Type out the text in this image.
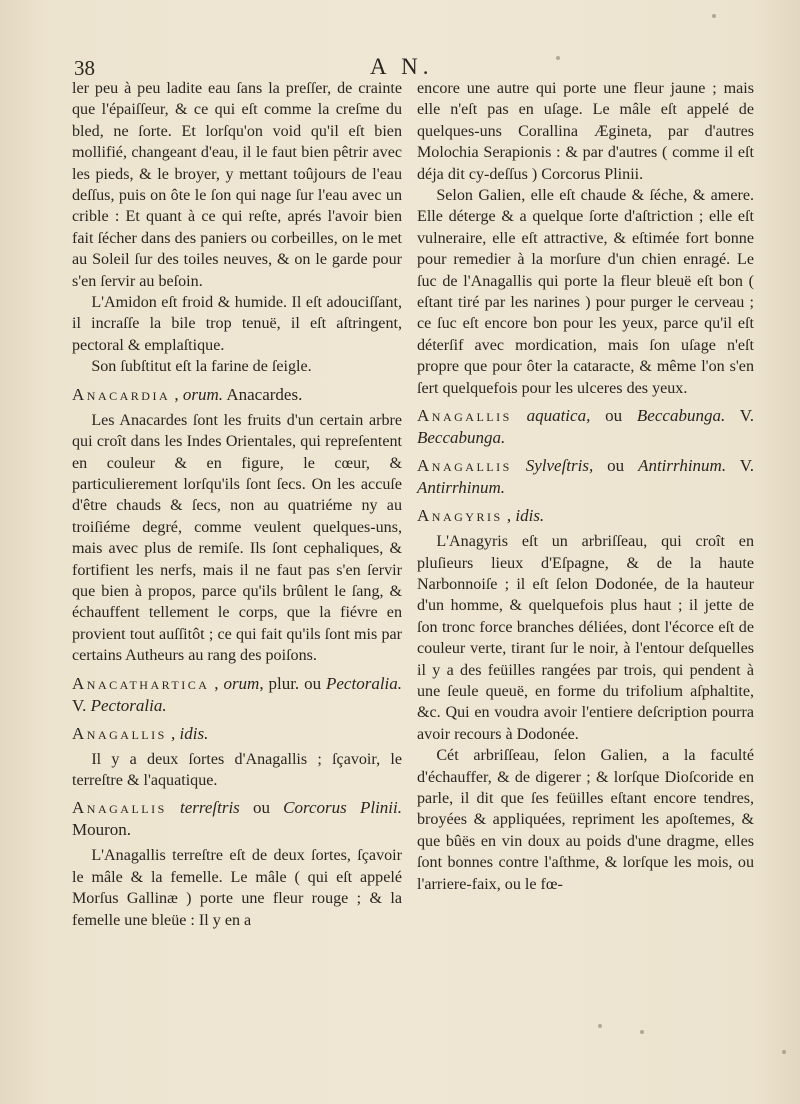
38	A N.

ler peu à peu ladite eau ſans la preſſer, de crainte que l'épaiſſeur, & ce qui eſt comme la creſme du bled, ne ſorte. Et lorſqu'on void qu'il eſt bien mollifié, changeant d'eau, il le faut bien pêtrir avec les pieds, & le broyer, y mettant toûjours de l'eau deſſus, puis on ôte le ſon qui nage ſur l'eau avec un crible : Et quant à ce qui reſte, aprés l'avoir bien fait ſécher dans des paniers ou corbeilles, on le met au Soleil ſur des toiles neuves, & on le garde pour s'en ſervir au beſoin.

L'Amidon eſt froid & humide. Il eſt adouciſſant, il incraſſe la bile trop tenuë, il eſt aſtringent, pectoral & emplaſtique.

Son ſubſtitut eſt la farine de ſeigle.

Anacardia , orum. Anacardes.

Les Anacardes ſont les fruits d'un certain arbre qui croît dans les Indes Orientales, qui repreſentent en couleur & en figure, le cœur, & particulierement lorſqu'ils ſont ſecs. On les accuſe d'être chauds & ſecs, non au quatriéme ny au troiſiéme degré, comme veulent quelques-uns, mais avec plus de remiſe. Ils ſont cephaliques, & fortifient les nerfs, mais il ne faut pas s'en ſervir que bien à propos, parce qu'ils brûlent le ſang, & échauffent tellement le corps, que la fiévre en provient tout auſſitôt ; ce qui fait qu'ils ſont mis par certains Autheurs au rang des poiſons.

Anacathartica , orum, plur. ou Pectoralia. V. Pectoralia.
Anagallis , idis.

Il y a deux ſortes d'Anagallis ; ſçavoir, le terreſtre & l'aquatique.

Anagallis terreſtris ou Corcorus Plinii. Mouron.

L'Anagallis terreſtre eſt de deux ſortes, ſçavoir le mâle & la femelle. Le mâle ( qui eſt appelé Morſus Gallinæ ) porte une fleur rouge ; & la femelle une bleüe : Il y en a

encore une autre qui porte une fleur jaune ; mais elle n'eſt pas en uſage. Le mâle eſt appelé de quelques-uns Corallina Ægineta, par d'autres Molochia Serapionis : & par d'autres ( comme il eſt déja dit cy-deſſus ) Corcorus Plinii.

Selon Galien, elle eſt chaude & ſéche, & amere. Elle déterge & a quelque ſorte d'aſtriction ; elle eſt vulneraire, elle eſt attractive, & eſtimée fort bonne pour remedier à la morſure d'un chien enragé. Le ſuc de l'Anagallis qui porte la fleur bleuë eſt bon ( eſtant tiré par les narines ) pour purger le cerveau ; ce ſuc eſt encore bon pour les yeux, parce qu'il eſt déterſif avec mordication, mais ſon uſage n'eſt propre que pour ôter la cataracte, & même l'on s'en ſert quelquefois pour les ulceres des yeux.

Anagallis aquatica, ou Beccabunga. V. Beccabunga.
Anagallis Sylveſtris, ou Antirrhinum. V. Antirrhinum.
Anagyris , idis.

L'Anagyris eſt un arbriſſeau, qui croît en pluſieurs lieux d'Eſpagne, & de la haute Narbonnoiſe ; il eſt ſelon Dodonée, de la hauteur d'un homme, & quelquefois plus haut ; il jette de ſon tronc force branches déliées, dont l'écorce eſt de couleur verte, tirant ſur le noir, à l'entour deſquelles il y a des feüilles rangées par trois, qui pendent à une ſeule queuë, en forme du trifolium aſphaltite, &c. Qui en voudra avoir l'entiere deſcription pourra avoir recours à Dodonée.

Cét arbriſſeau, ſelon Galien, a la faculté d'échauffer, & de digerer ; & lorſque Dioſcoride en parle, il dit que ſes feüilles eſtant encore tendres, broyées & appliquées, repriment les apoſtemes, & que bûës en vin doux au poids d'une dragme, elles ſont bonnes contre l'aſthme, & lorſque les mois, ou l'arriere-faix, ou le fœ-
